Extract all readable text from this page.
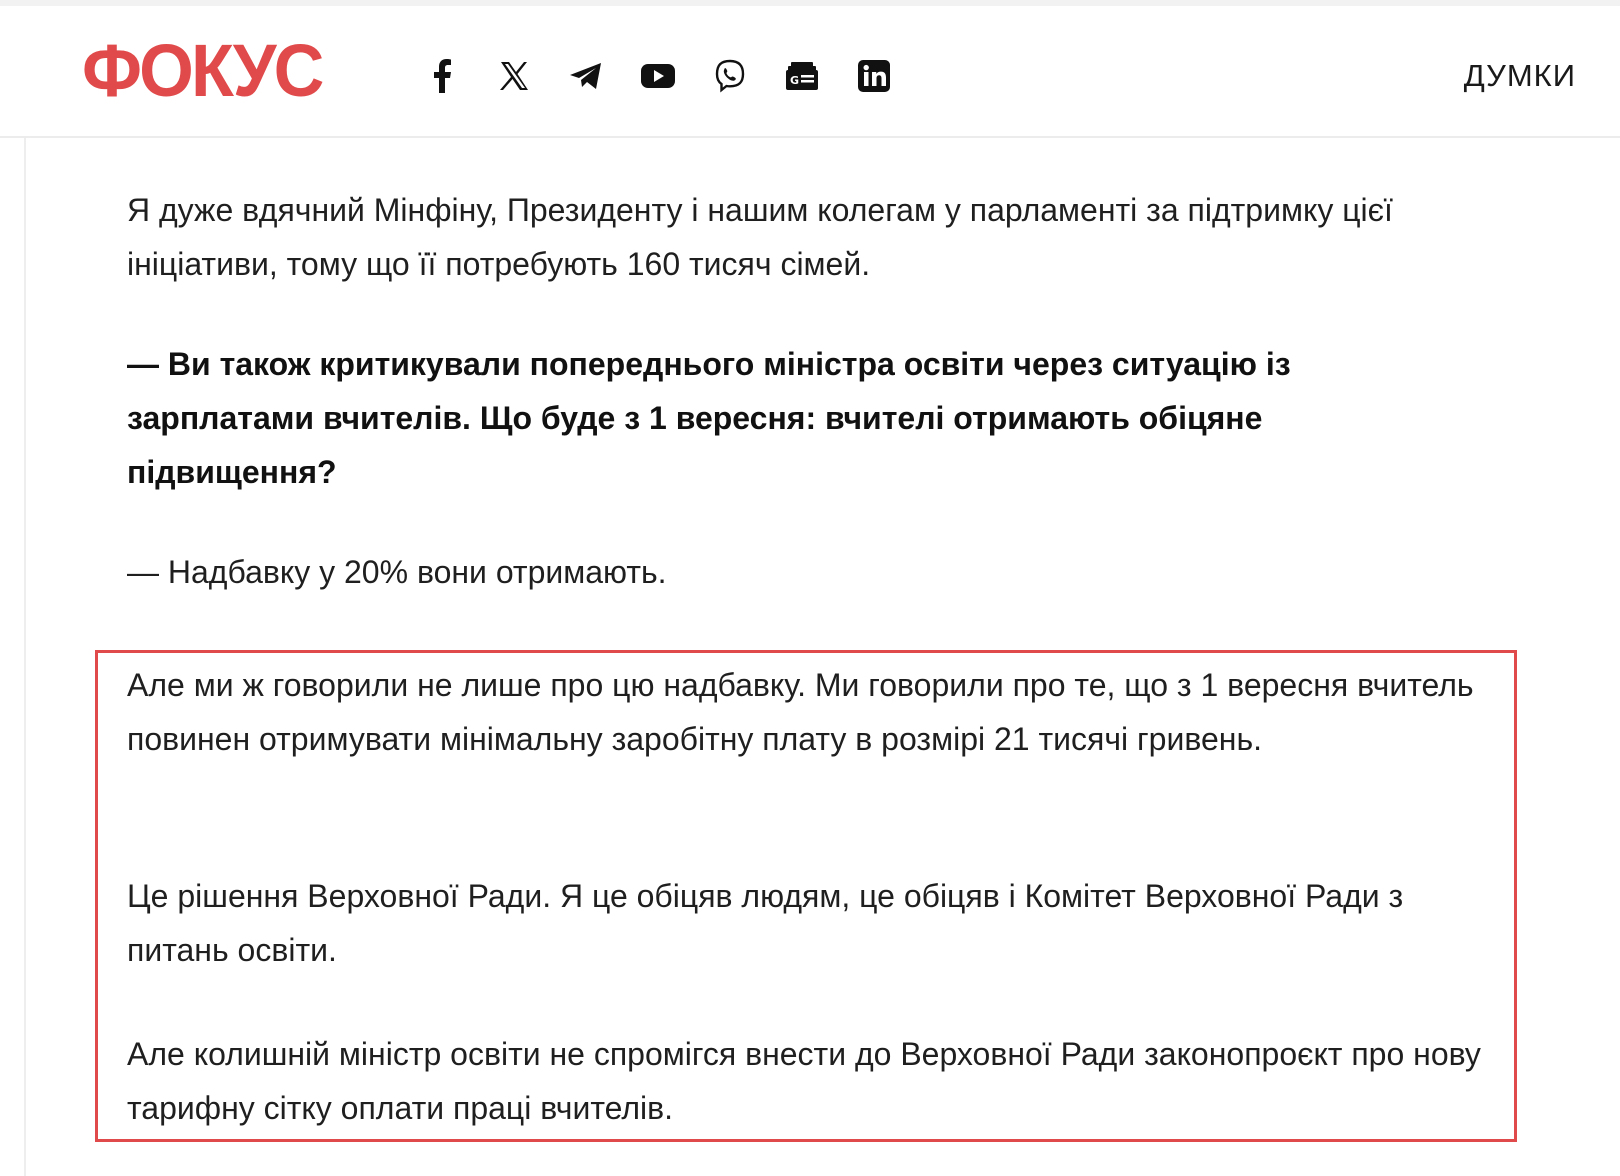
ФОКУС	G	ДУМКИ

Я дуже вдячний Мінфіну, Президенту і нашим колегам у парламенті за підтримку цієї ініціативи, тому що її потребують 160 тисяч сімей.

— Ви також критикували попереднього міністра освіти через ситуацію із зарплатами вчителів. Що буде з 1 вересня: вчителі отримають обіцяне підвищення?

— Надбавку у 20% вони отримають.

Але ми ж говорили не лише про цю надбавку. Ми говорили про те, що з 1 вересня вчитель повинен отримувати мінімальну заробітну плату в розмірі 21 тисячі гривень.

Це рішення Верховної Ради. Я це обіцяв людям, це обіцяв і Комітет Верховної Ради з питань освіти.

Але колишній міністр освіти не спромігся внести до Верховної Ради законопроєкт про нову тарифну сітку оплати праці вчителів.
